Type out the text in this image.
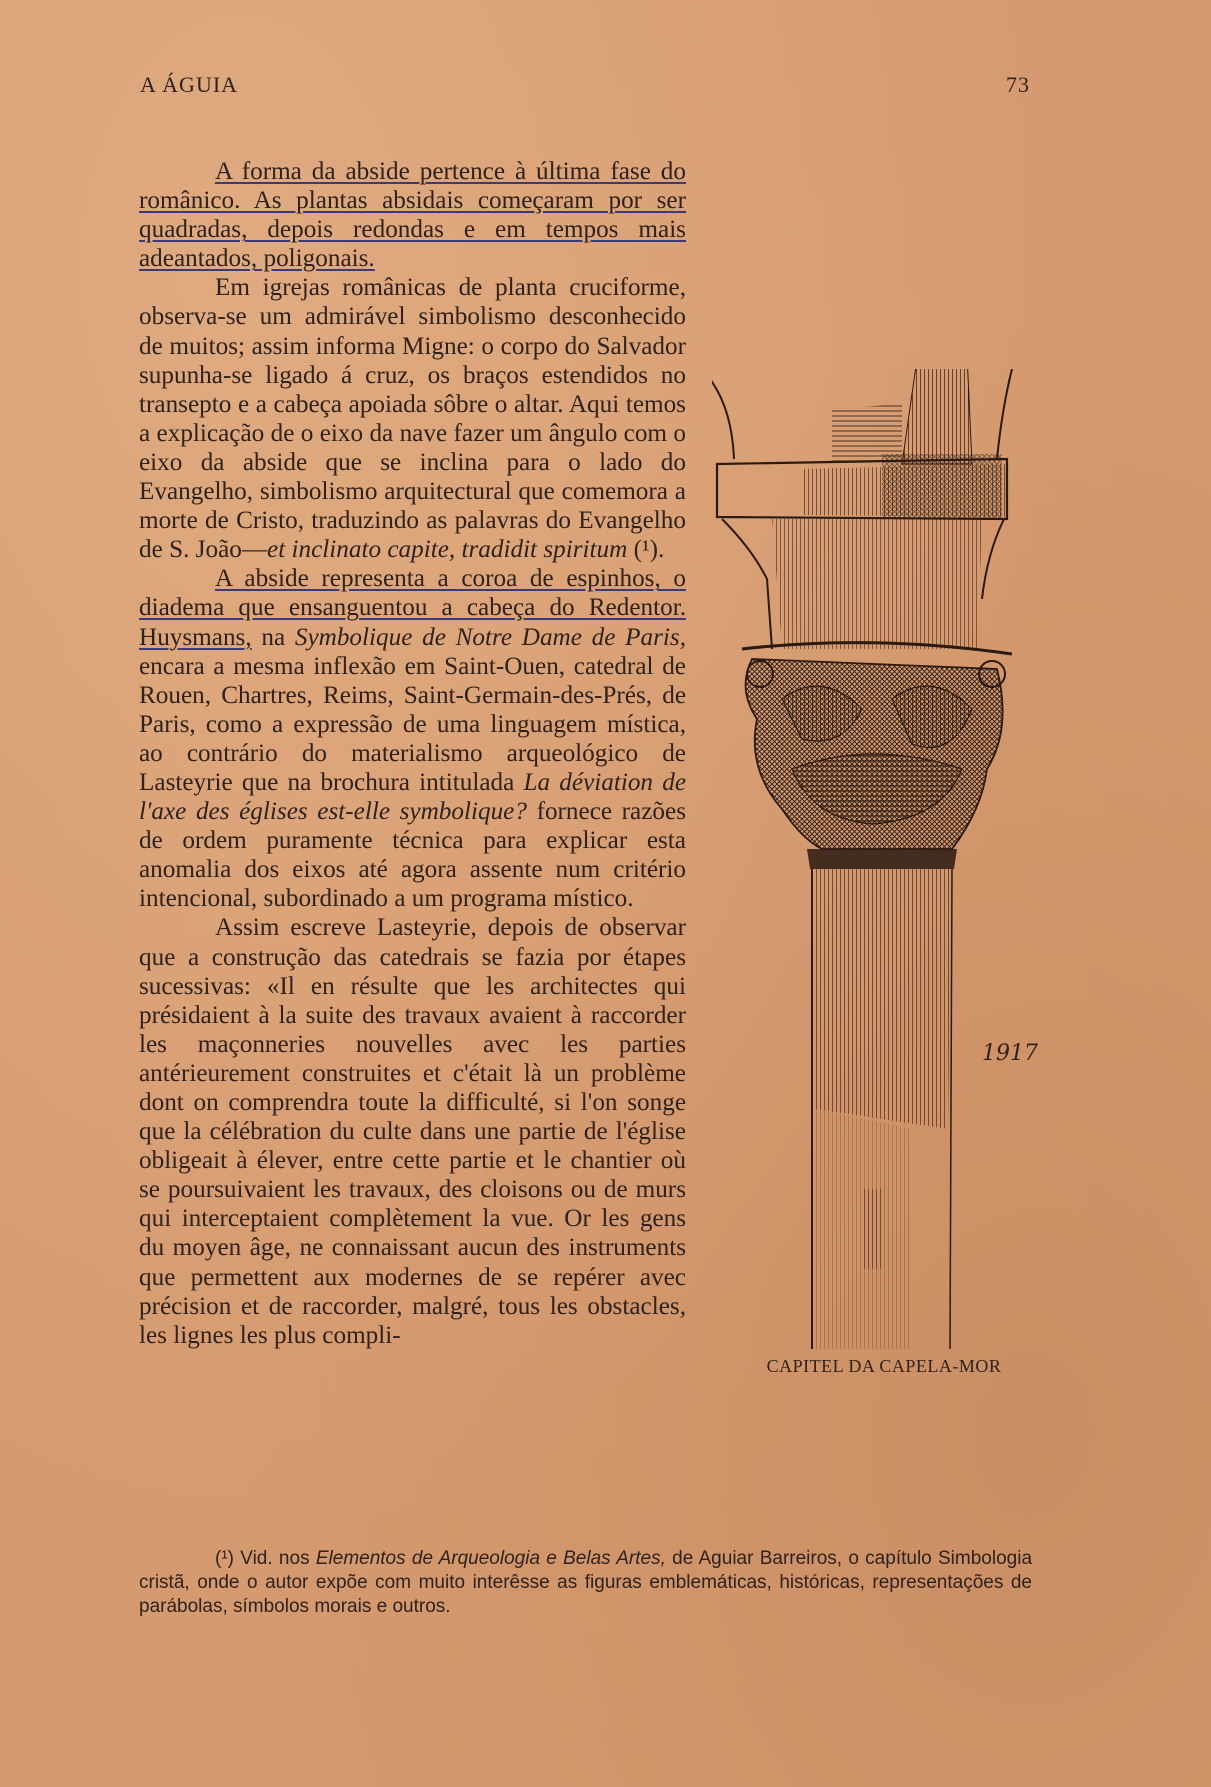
A ÁGUIA	73
1917
CAPITEL DA CAPELA-MOR

A forma da abside pertence à última fase do românico. As plantas absidais começaram por ser quadradas, depois redondas e em tempos mais adeantados, poligonais.

Em igrejas românicas de planta cruciforme, observa-se um admirável simbolismo desconhecido de muitos; assim informa Migne: o corpo do Salvador supunha-se ligado á cruz, os braços estendidos no transepto e a cabeça apoiada sôbre o altar. Aqui temos a explicação de o eixo da nave fazer um ângulo com o eixo da abside que se inclina para o lado do Evangelho, simbolismo arquitectural que comemora a morte de Cristo, traduzindo as palavras do Evangelho de S. João—et inclinato capite, tradidit spiritum (¹).

A abside representa a coroa de espinhos, o diadema que ensanguentou a cabeça do Redentor. Huysmans, na Symbolique de Notre Dame de Paris, encara a mesma inflexão em Saint-Ouen, catedral de Rouen, Chartres, Reims, Saint-Germain-des-Prés, de Paris, como a expressão de uma linguagem mística, ao contrário do materialismo arqueológico de Lasteyrie que na brochura intitulada La déviation de l'axe des églises est-elle symbolique? fornece razões de ordem puramente técnica para explicar esta anomalia dos eixos até agora assente num critério intencional, subordinado a um programa místico.

Assim escreve Lasteyrie, depois de observar que a construção das catedrais se fazia por étapes sucessivas: «Il en résulte que les architectes qui présidaient à la suite des travaux avaient à raccorder les maçonneries nouvelles avec les parties antérieurement construites et c'était là un problème dont on comprendra toute la difficulté, si l'on songe que la célébration du culte dans une partie de l'église obligeait à élever, entre cette partie et le chantier où se poursuivaient les travaux, des cloisons ou de murs qui interceptaient complètement la vue. Or les gens du moyen âge, ne connaissant aucun des instruments que permettent aux modernes de se repérer avec précision et de raccorder, malgré, tous les obstacles, les lignes les plus compli-

(¹) Vid. nos Elementos de Arqueologia e Belas Artes, de Aguiar Barreiros, o capítulo Simbologia cristã, onde o autor expõe com muito interêsse as figuras emblemáticas, históricas, representações de parábolas, símbolos morais e outros.
